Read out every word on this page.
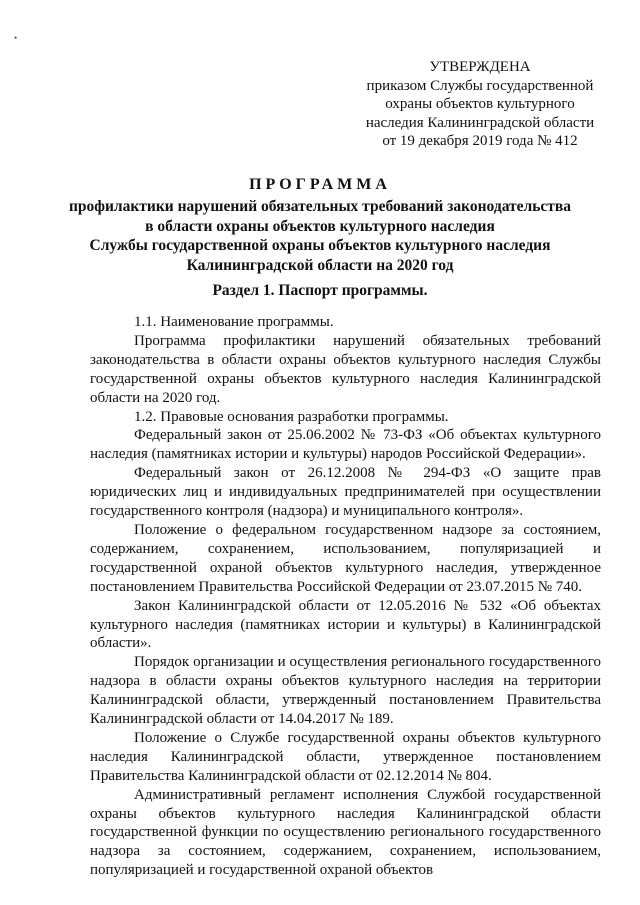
•
УТВЕРЖДЕНА
приказом Службы государственной
охраны объектов культурного
наследия Калининградской области
от 19 декабря 2019 года № 412
ПРОГРАММА
профилактики нарушений обязательных требований законодательства
в области охраны объектов культурного наследия
Службы государственной охраны объектов культурного наследия
Калининградской области на 2020 год
Раздел 1. Паспорт программы.

1.1. Наименование программы.

Программа профилактики нарушений обязательных требований законодательства в области охраны объектов культурного наследия Службы государственной охраны объектов культурного наследия Калининградской области на 2020 год.

1.2. Правовые основания разработки программы.

Федеральный закон от 25.06.2002 № 73-ФЗ «Об объектах культурного наследия (памятниках истории и культуры) народов Российской Федерации».

Федеральный закон от 26.12.2008 № 294-ФЗ «О защите прав юридических лиц и индивидуальных предпринимателей при осуществлении государственного контроля (надзора) и муниципального контроля».

Положение о федеральном государственном надзоре за состоянием, содержанием, сохранением, использованием, популяризацией и государственной охраной объектов культурного наследия, утвержденное постановлением Правительства Российской Федерации от 23.07.2015 № 740.

Закон Калининградской области от 12.05.2016 № 532 «Об объектах культурного наследия (памятниках истории и культуры) в Калининградской области».

Порядок организации и осуществления регионального государственного надзора в области охраны объектов культурного наследия на территории Калининградской области, утвержденный постановлением Правительства Калининградской области от 14.04.2017 № 189.

Положение о Службе государственной охраны объектов культурного наследия Калининградской области, утвержденное постановлением Правительства Калининградской области от 02.12.2014 № 804.

Административный регламент исполнения Службой государственной охраны объектов культурного наследия Калининградской области государственной функции по осуществлению регионального государственного надзора за состоянием, содержанием, сохранением, использованием, популяризацией и государственной охраной объектов
